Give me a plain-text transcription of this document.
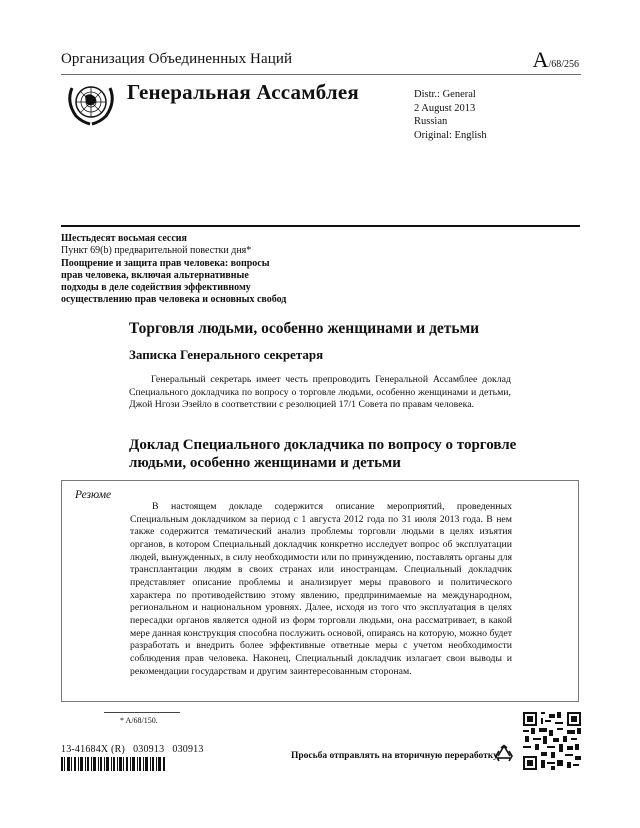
Организация Объединенных Наций	A/68/256
Генеральная Ассамблея	Distr.: General
2 August 2013
Russian
Original: English
Шестьдесят восьмая сессия
Пункт 69(b) предварительной повестки дня*
Поощрение и защита прав человека: вопросы
прав человека, включая альтернативные
подходы в деле содействия эффективному
осуществлению прав человека и основных свобод
Торговля людьми, особенно женщинами и детьми
Записка Генерального секретаря
Генеральный секретарь имеет честь препроводить Генеральной Ассамблее доклад Специального докладчика по вопросу о торговле людьми, особенно женщинами и детьми, Джой Нгози Эзейло в соответствии с резолюцией 17/1 Совета по правам человека.
Доклад Специального докладчика по вопросу о торговле людьми, особенно женщинами и детьми
Резюме
В настоящем докладе содержится описание мероприятий, проведенных Специальным докладчиком за период с 1 августа 2012 года по 31 июля 2013 года. В нем также содержится тематический анализ проблемы торговли людьми в целях изъятия органов, в котором Специальный докладчик конкретно исследует вопрос об эксплуатации людей, вынужденных, в силу необходимости или по принуждению, поставлять органы для трансплантации людям в своих странах или иностранцам. Специальный докладчик представляет описание проблемы и анализирует меры правового и политического характера по противодействию этому явлению, предпринимаемые на международном, региональном и национальном уровнях. Далее, исходя из того что эксплуатация в целях пересадки органов является одной из форм торговли людьми, она рассматривает, в какой мере данная конструкция способна послужить основой, опираясь на которую, можно будет разработать и внедрить более эффективные ответные меры с учетом необходимости соблюдения прав человека. Наконец, Специальный докладчик излагает свои выводы и рекомендации государствам и другим заинтересованным сторонам.
* A/68/150.
13-41684X (R)   030913   030913
Просьба отправлять на вторичную переработку
